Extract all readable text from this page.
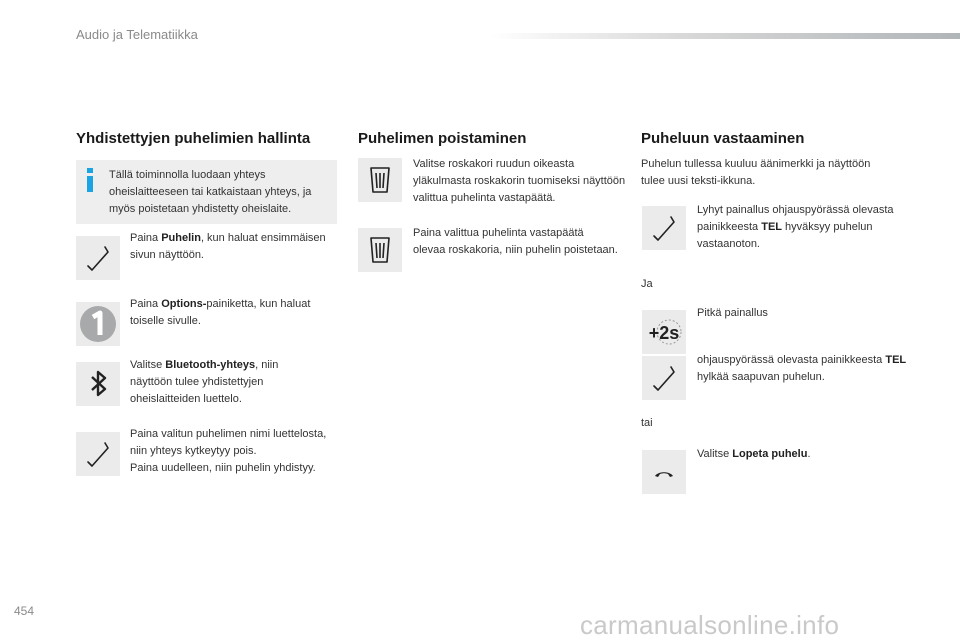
Audio ja Telematiikka
Yhdistettyjen puhelimien hallinta
Tällä toiminnolla luodaan yhteys oheislaitteeseen tai katkaistaan yhteys, ja myös poistetaan yhdistetty oheislaite.
Paina Puhelin, kun haluat ensimmäisen sivun näyttöön.
Paina Options-painiketta, kun haluat toiselle sivulle.
Valitse Bluetooth-yhteys, niin näyttöön tulee yhdistettyjen oheislaitteiden luettelo.
Paina valitun puhelimen nimi luettelosta, niin yhteys kytkeytyy pois.
Paina uudelleen, niin puhelin yhdistyy.
Puhelimen poistaminen
Valitse roskakori ruudun oikeasta yläkulmasta roskakorin tuomiseksi näyttöön valittua puhelinta vastapäätä.
Paina valittua puhelinta vastapäätä olevaa roskakoria, niin puhelin poistetaan.
Puheluun vastaaminen
Puhelun tullessa kuuluu äänimerkki ja näyttöön tulee uusi teksti-ikkuna.
Lyhyt painallus ohjauspyörässä olevasta painikkeesta TEL hyväksyy puhelun vastaanoton.
Ja
+2s
Pitkä painallus
ohjauspyörässä olevasta painikkeesta TEL hylkää saapuvan puhelun.
tai
Valitse Lopeta puhelu.
454	carmanualsonline.info
